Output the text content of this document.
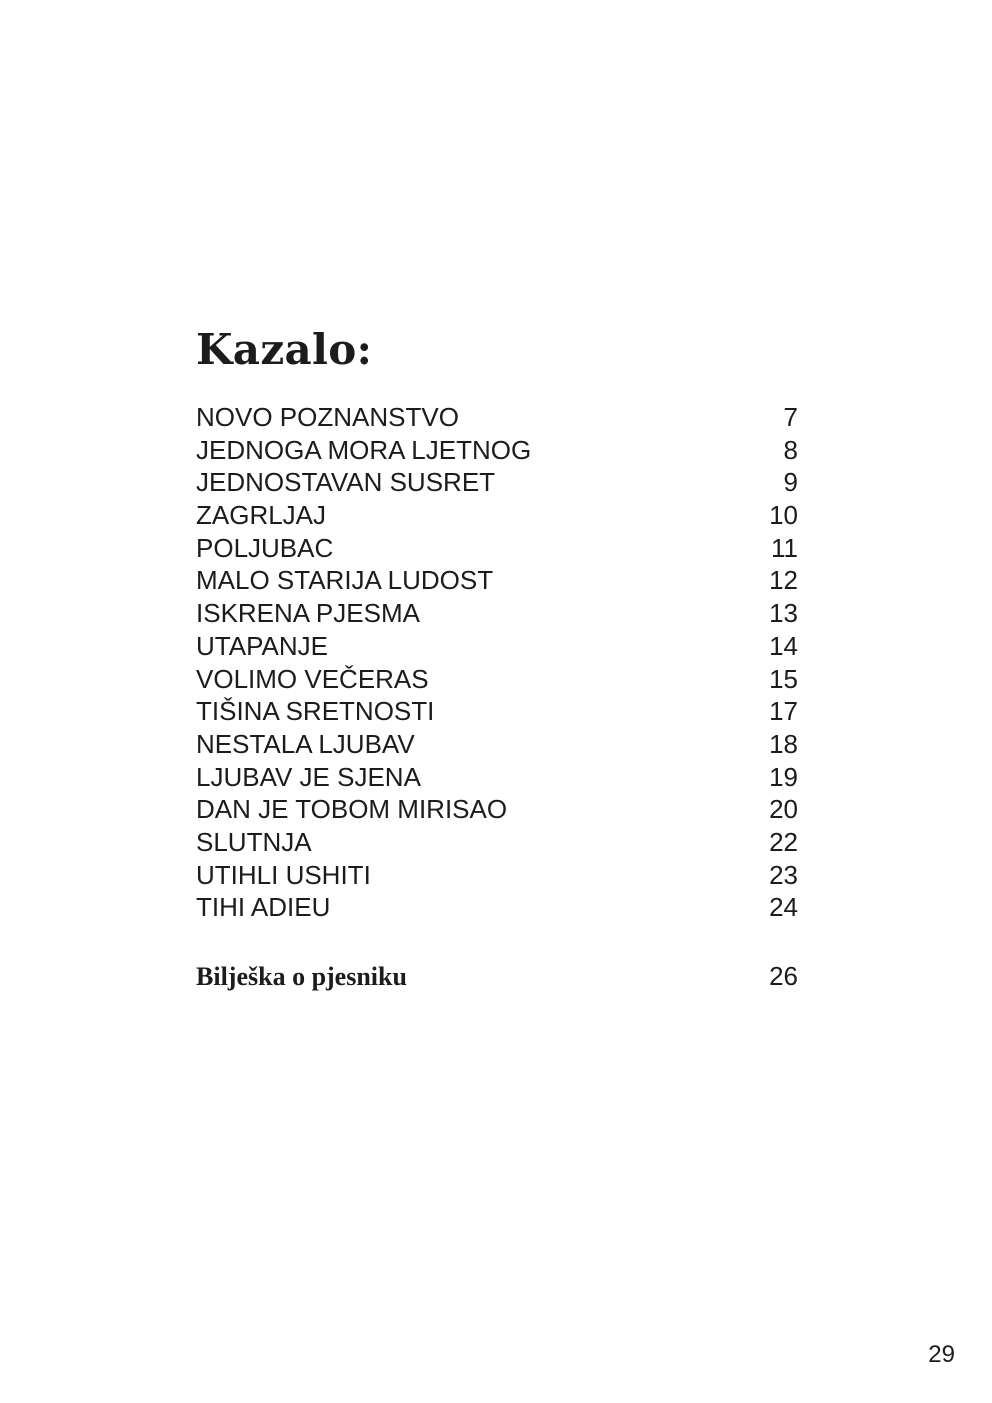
Kazalo:
NOVO POZNANSTVO	7
JEDNOGA MORA LJETNOG	8
JEDNOSTAVAN SUSRET	9
ZAGRLJAJ	10
POLJUBAC	11
MALO STARIJA LUDOST	12
ISKRENA PJESMA	13
UTAPANJE	14
VOLIMO VEČERAS	15
TIŠINA SRETNOSTI	17
NESTALA LJUBAV	18
LJUBAV JE SJENA	19
DAN JE TOBOM MIRISAO	20
SLUTNJA	22
UTIHLI USHITI	23
TIHI ADIEU	24
Bilješka o pjesniku	26
29
